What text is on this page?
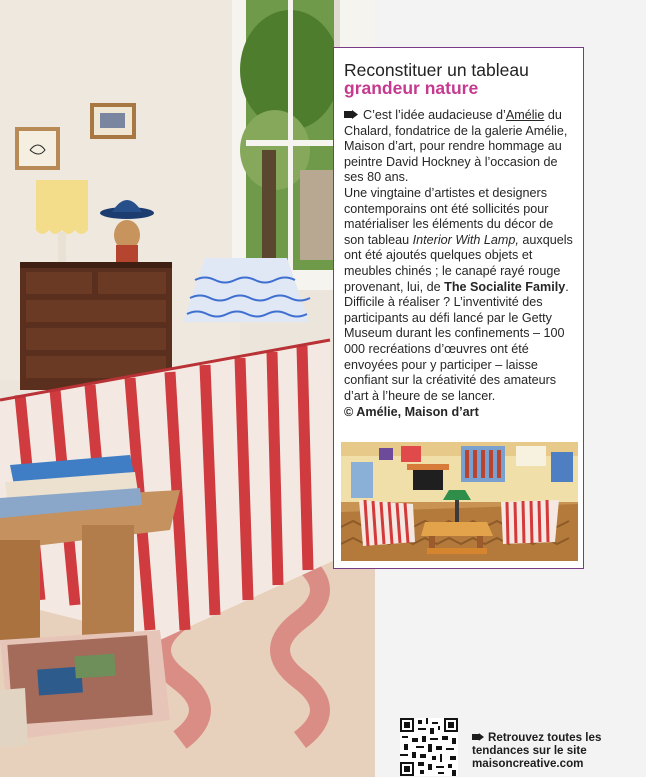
Reconstituer un tableau
grandeur nature

C’est l’idée audacieuse d’Amélie du Chalard, fondatrice de la galerie Amélie, Maison d’art, pour rendre hommage au peintre David Hockney à l’occasion de ses 80 ans.

Une vingtaine d’artistes et designers contemporains ont été sollicités pour matérialiser les éléments du décor de son tableau Interior With Lamp, auxquels ont été ajoutés quelques objets et meubles chinés ; le canapé rayé rouge provenant, lui, de The Socialite Family. Difficile à réaliser ? L’inventivité des participants au défi lancé par le Getty Museum durant les confinements – 100 000 recréations d’œuvres ont été envoyées pour y participer – laisse confiant sur la créativité des amateurs d’art à l’heure de se lancer.

© Amélie, Maison d’art

Retrouvez toutes les tendances sur le site maisoncreative.com
